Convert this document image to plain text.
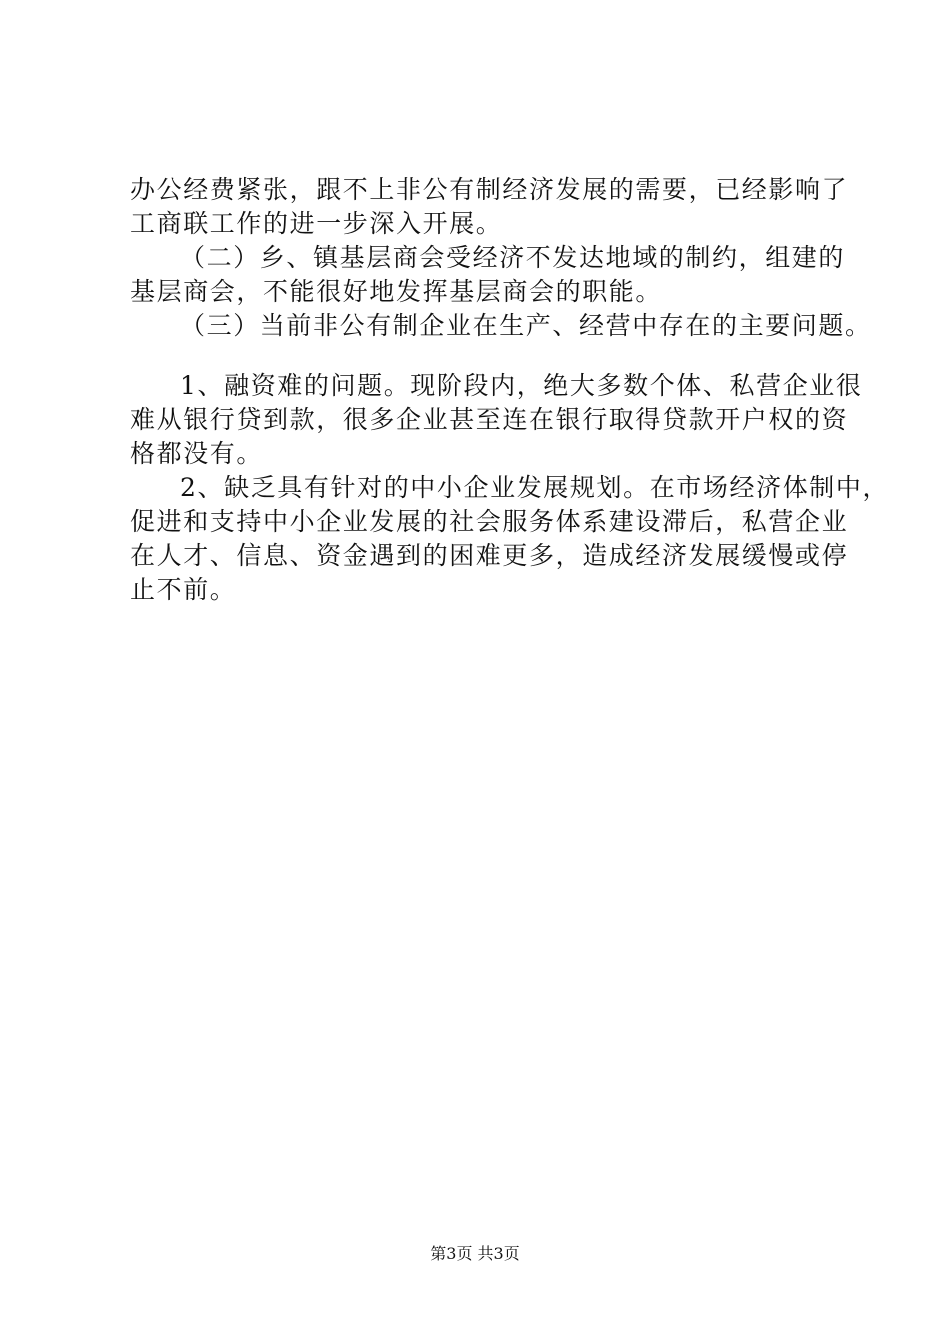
办公经费紧张，跟不上非公有制经济发展的需要，已经影响了
工商联工作的进一步深入开展。
（二）乡、镇基层商会受经济不发达地域的制约，组建的
基层商会，不能很好地发挥基层商会的职能。
（三）当前非公有制企业在生产、经营中存在的主要问题。
1、融资难的问题。现阶段内，绝大多数个体、私营企业很
难从银行贷到款，很多企业甚至连在银行取得贷款开户权的资
格都没有。
2、缺乏具有针对的中小企业发展规划。在市场经济体制中，
促进和支持中小企业发展的社会服务体系建设滞后，私营企业
在人才、信息、资金遇到的困难更多，造成经济发展缓慢或停
止不前。
第3页 共3页
